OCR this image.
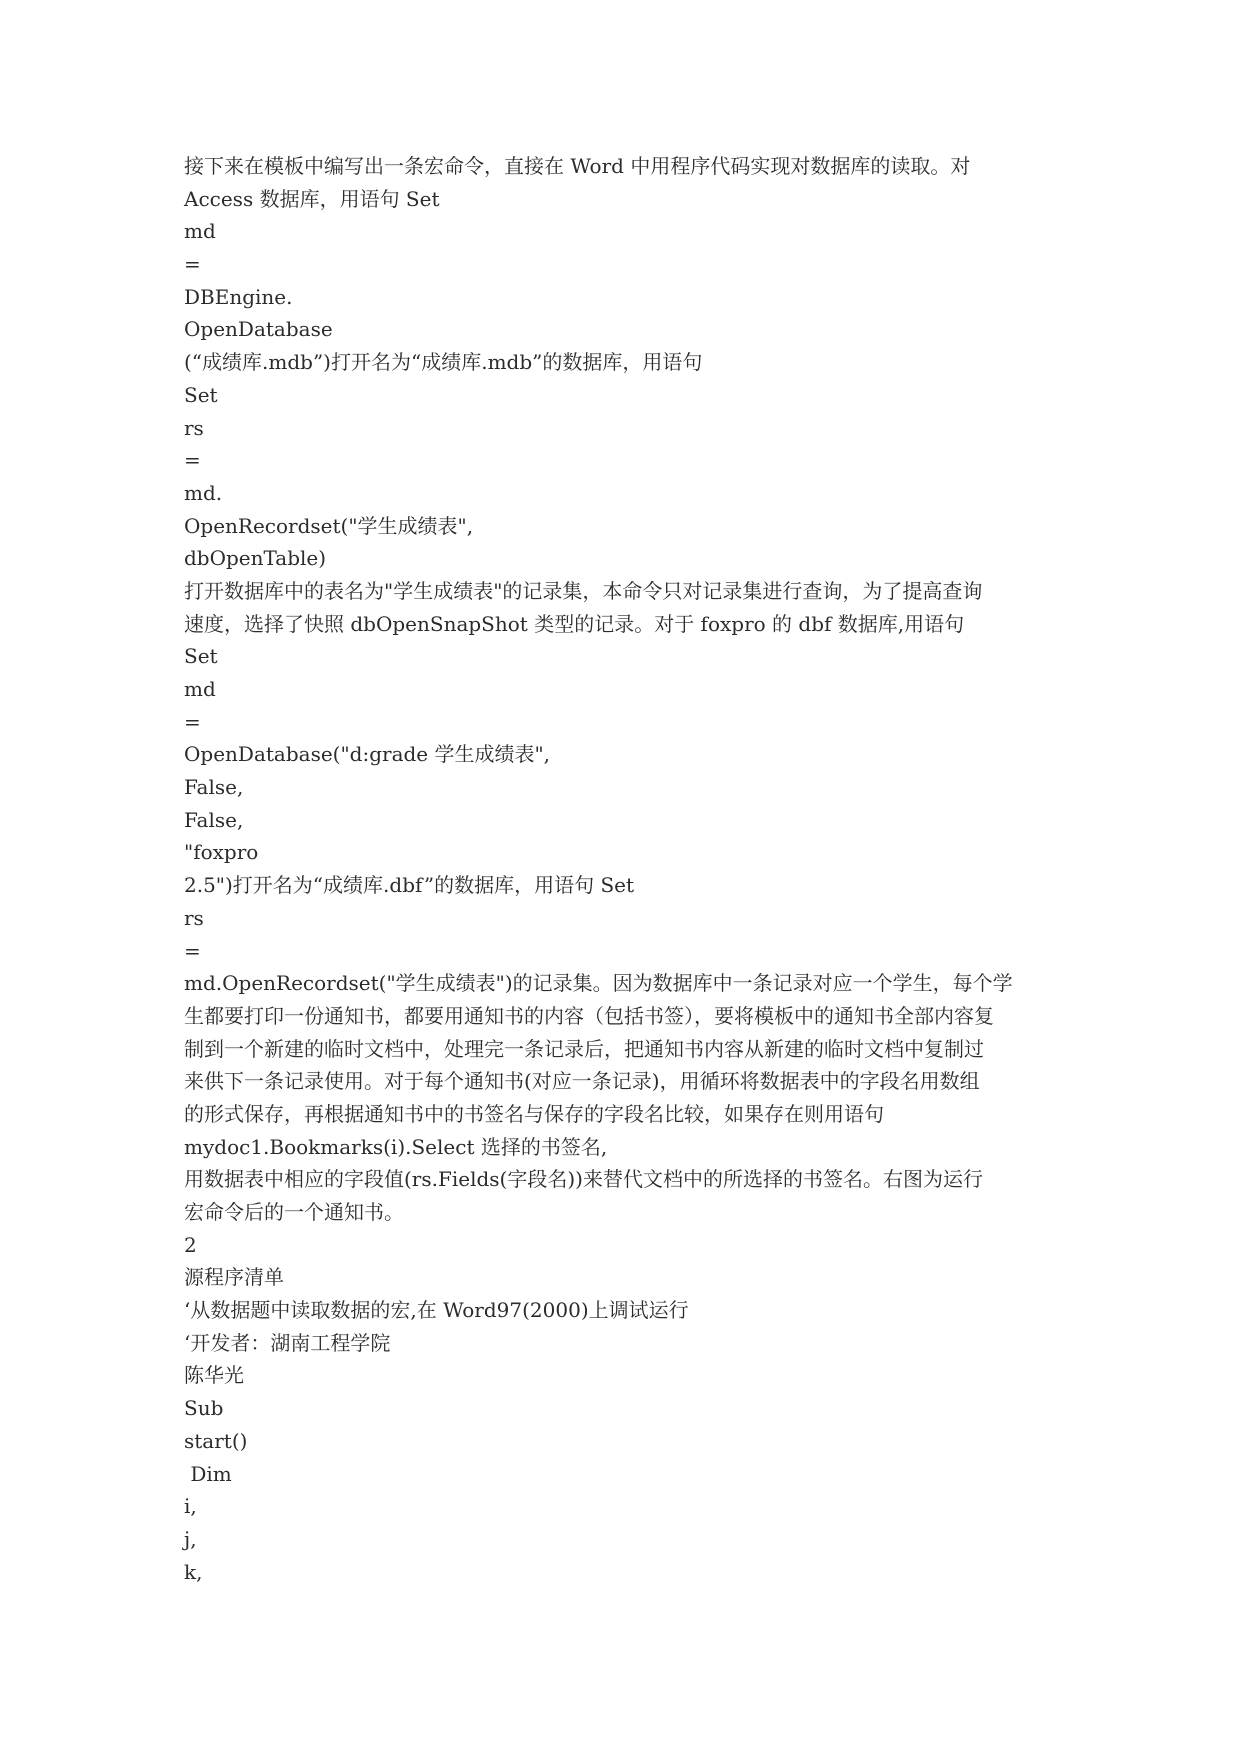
接下来在模板中编写出一条宏命令，直接在 Word 中用程序代码实现对数据库的读取。对
Access 数据库，用语句 Set
md
=
DBEngine.
OpenDatabase
(“成绩库.mdb”)打开名为“成绩库.mdb”的数据库，用语句
Set
rs
=
md.
OpenRecordset("学生成绩表",
dbOpenTable)
打开数据库中的表名为"学生成绩表"的记录集，本命令只对记录集进行查询，为了提高查询
速度，选择了快照 dbOpenSnapShot 类型的记录。对于 foxpro 的 dbf 数据库,用语句
Set
md
=
OpenDatabase("d:grade 学生成绩表",
False,
False,
"foxpro
2.5")打开名为“成绩库.dbf”的数据库，用语句 Set
rs
=
md.OpenRecordset("学生成绩表")的记录集。因为数据库中一条记录对应一个学生，每个学
生都要打印一份通知书，都要用通知书的内容（包括书签），要将模板中的通知书全部内容复
制到一个新建的临时文档中，处理完一条记录后，把通知书内容从新建的临时文档中复制过
来供下一条记录使用。对于每个通知书(对应一条记录)，用循环将数据表中的字段名用数组
的形式保存，再根据通知书中的书签名与保存的字段名比较，如果存在则用语句
mydoc1.Bookmarks(i).Select 选择的书签名,
用数据表中相应的字段值(rs.Fields(字段名))来替代文档中的所选择的书签名。右图为运行
宏命令后的一个通知书。
2
源程序清单
‘从数据题中读取数据的宏,在 Word97(2000)上调试运行
‘开发者：湖南工程学院
陈华光
Sub
start()
Dim
i,
j,
k,
